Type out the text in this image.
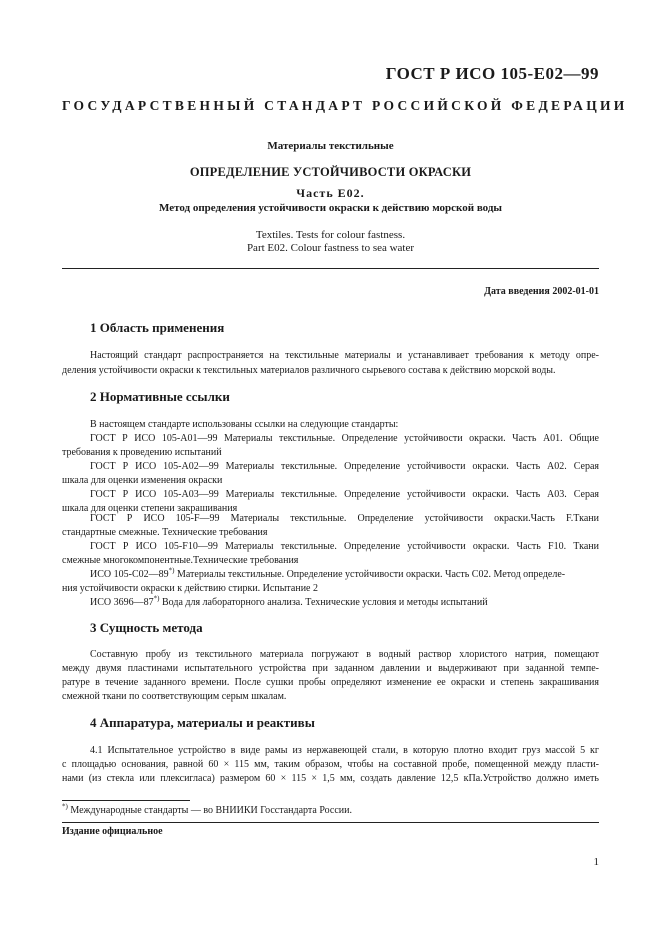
ГОСТ Р ИСО 105-Е02—99
ГОСУДАРСТВЕННЫЙ СТАНДАРТ РОССИЙСКОЙ ФЕДЕРАЦИИ
Материалы текстильные
ОПРЕДЕЛЕНИЕ УСТОЙЧИВОСТИ ОКРАСКИ
Часть Е02.
Метод определения устойчивости окраски к действию морской воды
Textiles. Tests for colour fastness.
Part E02. Colour fastness to sea water
Дата введения 2002-01-01
1 Область применения
Настоящий стандарт распространяется на текстильные материалы и устанавливает требования к методу опре-
деления устойчивости окраски к текстильных материалов различного сырьевого состава к действию морской воды.
2 Нормативные ссылки
В настоящем стандарте использованы ссылки на следующие стандарты:
ГОСТ Р ИСО 105-А01—99 Материалы текстильные. Определение устойчивости окраски. Часть А01. Общие
требования к проведению испытаний
ГОСТ Р ИСО 105-А02—99 Материалы текстильные. Определение устойчивости окраски. Часть А02. Серая
шкала для оценки изменения окраски
ГОСТ Р ИСО 105-А03—99 Материалы текстильные. Определение устойчивости окраски. Часть А03. Серая
шкала для оценки степени закрашивания
ГОСТ Р ИСО 105-F—99 Материалы текстильные. Определение устойчивости окраски.Часть F.Ткани
стандартные смежные. Технические требования
ГОСТ Р ИСО 105-F10—99 Материалы текстильные. Определение устойчивости окраски. Часть F10. Ткани
смежные многокомпонентные.Технические требования
ИСО 105-С02—89*) Материалы текстильные. Определение устойчивости окраски. Часть С02. Метод определе-
ния устойчивости окраски к действию стирки. Испытание 2
ИСО 3696—87*) Вода для лабораторного анализа. Технические условия и методы испытаний
3 Сущность метода
Составную пробу из текстильного материала погружают в водный раствор хлористого натрия, помещают
между двумя пластинами испытательного устройства при заданном давлении и выдерживают при заданной темпе-
ратуре в течение заданного времени. После сушки пробы определяют изменение ее окраски и степень закрашивания
смежной ткани по соответствующим серым шкалам.
4 Аппаратура, материалы и реактивы
4.1 Испытательное устройство в виде рамы из нержавеющей стали, в которую плотно входит груз массой 5 кг
с площадью основания, равной 60 × 115 мм, таким образом, чтобы на составной пробе, помещенной между пласти-
нами (из стекла или плексигласа) размером 60 × 115 × 1,5 мм, создать давление 12,5 кПа.Устройство должно иметь
*) Международные стандарты — во ВНИИКИ Госстандарта России.
Издание официальное
1
